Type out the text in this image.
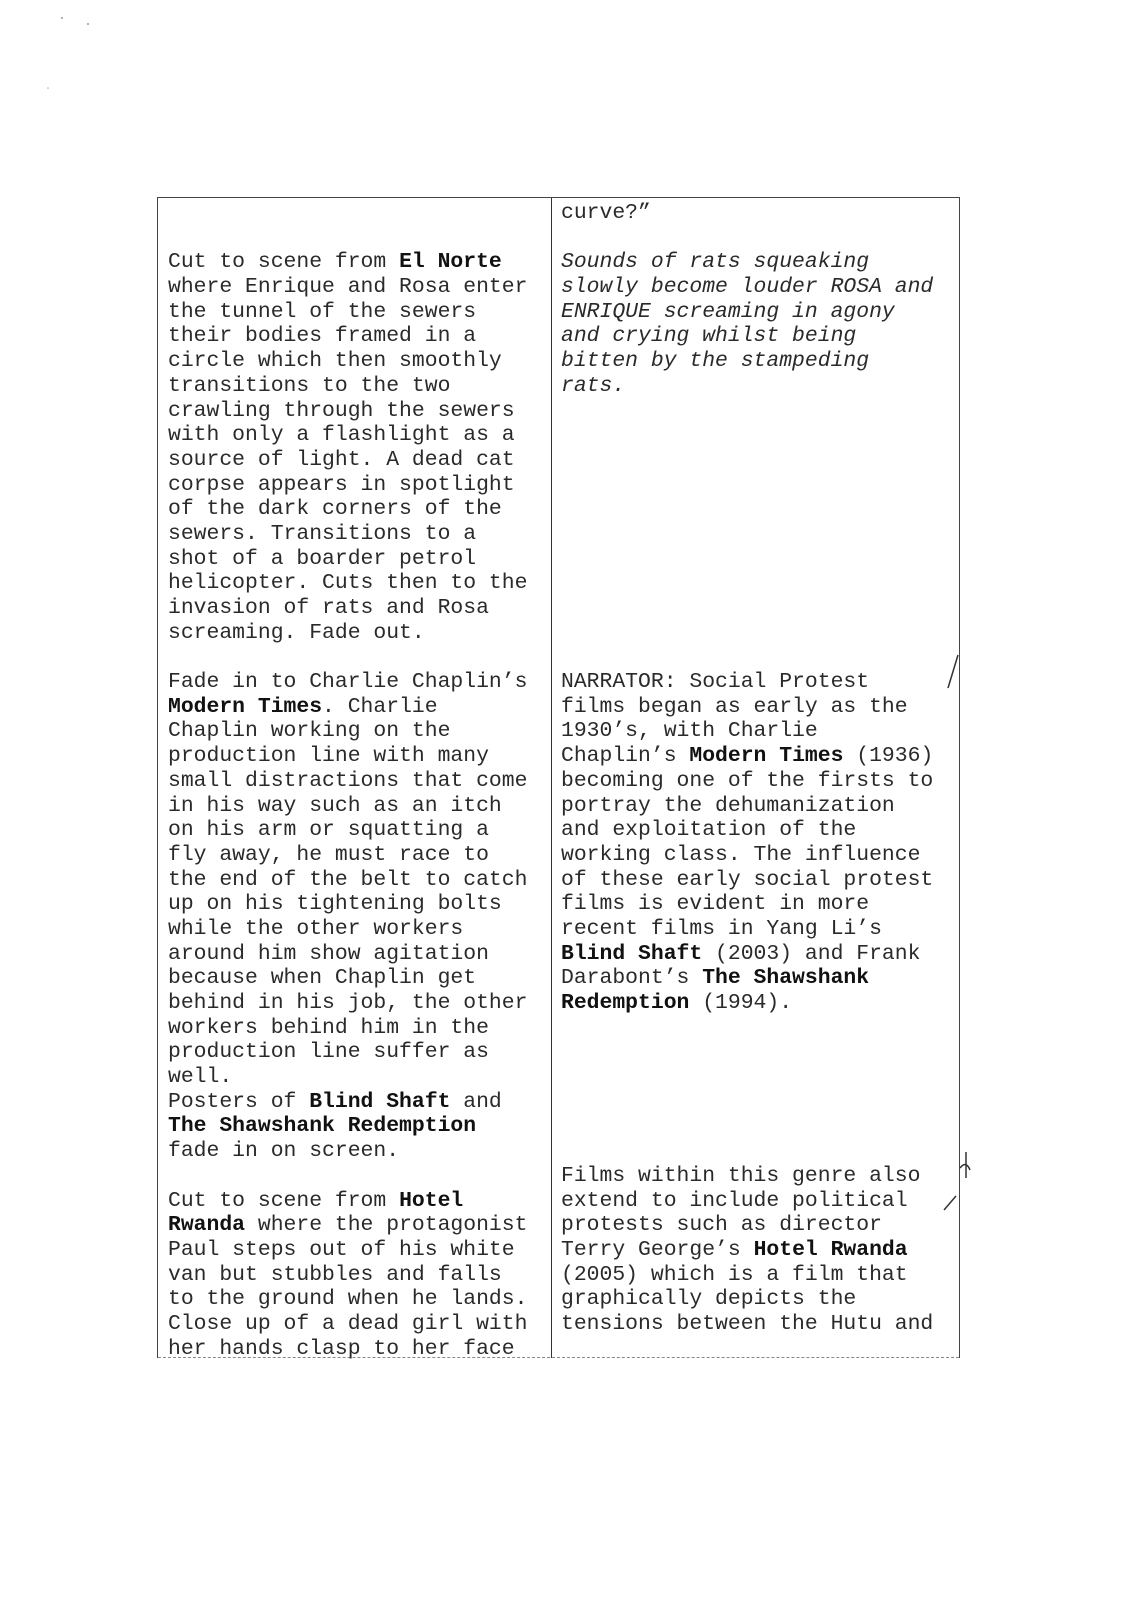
Cut to scene from El Norte
where Enrique and Rosa enter
the tunnel of the sewers
their bodies framed in a
circle which then smoothly
transitions to the two
crawling through the sewers
with only a flashlight as a
source of light. A dead cat
corpse appears in spotlight
of the dark corners of the
sewers. Transitions to a
shot of a boarder petrol
helicopter. Cuts then to the
invasion of rats and Rosa
screaming. Fade out.
Fade in to Charlie Chaplin’s
Modern Times. Charlie
Chaplin working on the
production line with many
small distractions that come
in his way such as an itch
on his arm or squatting a
fly away, he must race to
the end of the belt to catch
up on his tightening bolts
while the other workers
around him show agitation
because when Chaplin get
behind in his job, the other
workers behind him in the
production line suffer as
well.
Posters of Blind Shaft and
The Shawshank Redemption
fade in on screen.
Cut to scene from Hotel
Rwanda where the protagonist
Paul steps out of his white
van but stubbles and falls
to the ground when he lands.
Close up of a dead girl with
her hands clasp to her face
curve?”
Sounds of rats squeaking
slowly become louder ROSA and
ENRIQUE screaming in agony
and crying whilst being
bitten by the stampeding
rats.
NARRATOR: Social Protest
films began as early as the
1930’s, with Charlie
Chaplin’s Modern Times (1936)
becoming one of the firsts to
portray the dehumanization
and exploitation of the
working class. The influence
of these early social protest
films is evident in more
recent films in Yang Li’s
Blind Shaft (2003) and Frank
Darabont’s The Shawshank
Redemption (1994).
Films within this genre also
extend to include political
protests such as director
Terry George’s Hotel Rwanda
(2005) which is a film that
graphically depicts the
tensions between the Hutu and
